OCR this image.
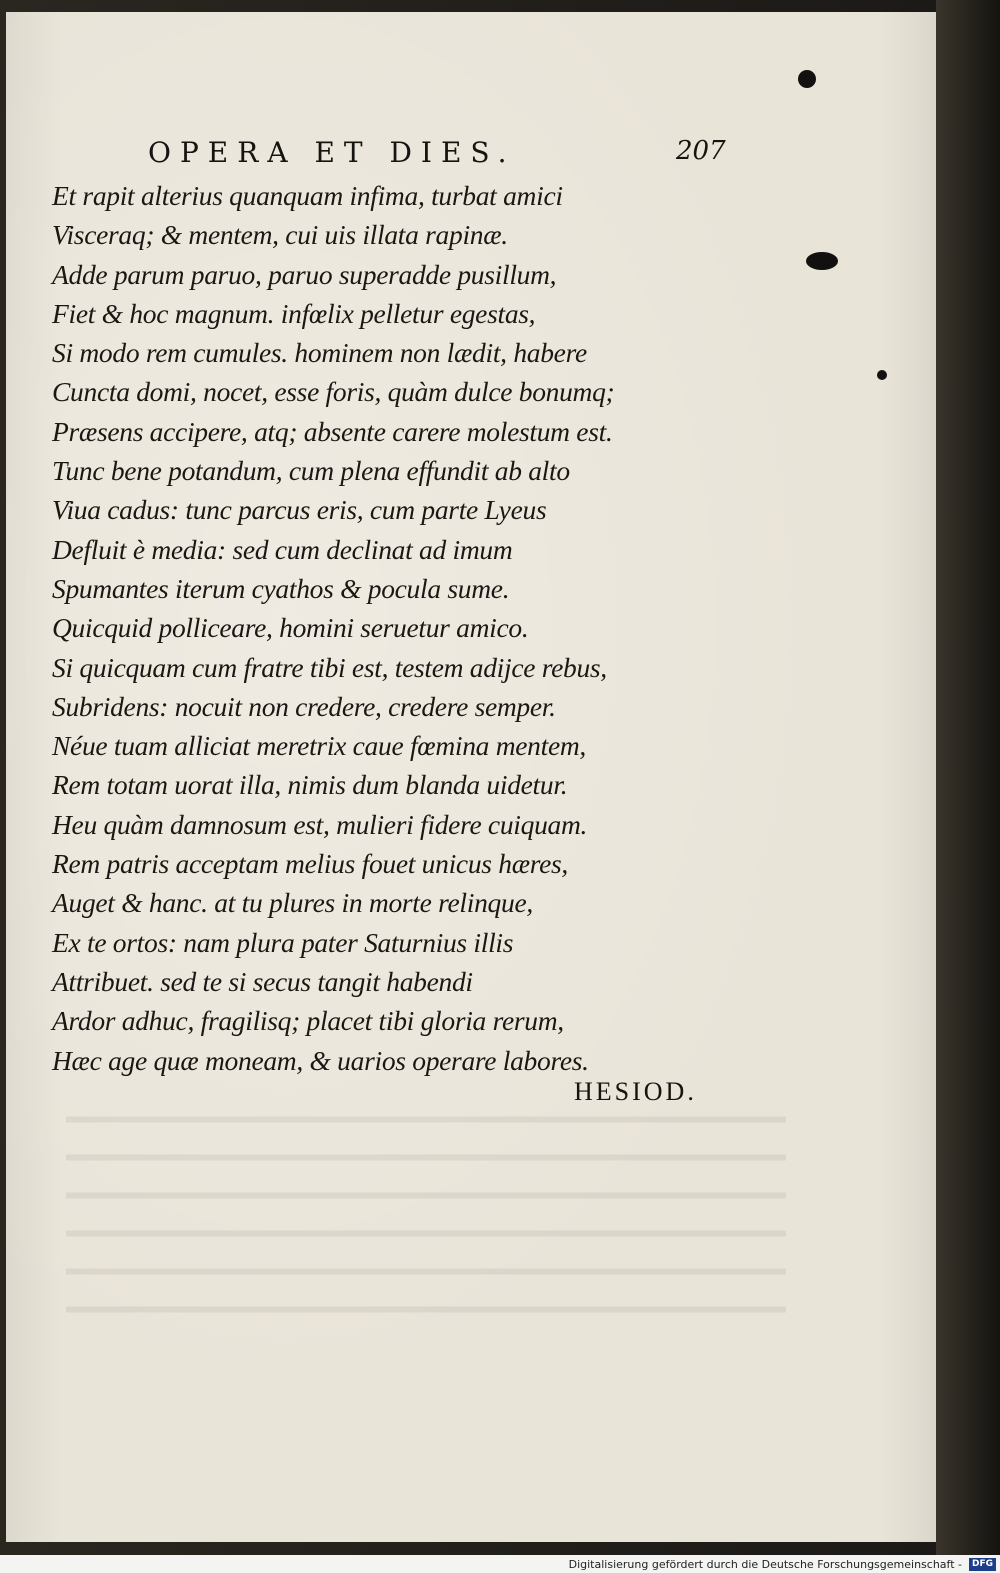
OPERA ET DIES.	207
Et rapit alterius quanquam infima, turbat amici
Visceraq; & mentem, cui uis illata rapinæ.
Adde parum paruo, paruo superadde pusillum,
Fiet & hoc magnum. infœlix pelletur egestas,
Si modo rem cumules. hominem non lædit, habere
Cuncta domi, nocet, esse foris, quàm dulce bonumq;
Præsens accipere, atq; absente carere molestum est.
Tunc bene potandum, cum plena effundit ab alto
Viua cadus: tunc parcus eris, cum parte Lyeus
Defluit è media: sed cum declinat ad imum
Spumantes iterum cyathos & pocula sume.
Quicquid polliceare, homini seruetur amico.
Si quicquam cum fratre tibi est, testem adijce rebus,
Subridens: nocuit non credere, credere semper.
Néue tuam alliciat meretrix caue fœmina mentem,
Rem totam uorat illa, nimis dum blanda uidetur.
Heu quàm damnosum est, mulieri fidere cuiquam.
Rem patris acceptam melius fouet unicus hæres,
Auget & hanc. at tu plures in morte relinque,
Ex te ortos: nam plura pater Saturnius illis
Attribuet. sed te si secus tangit habendi
Ardor adhuc, fragilisq; placet tibi gloria rerum,
Hæc age quæ moneam, & uarios operare labores.
HESIOD.
Digitalisierung gefördert durch die Deutsche Forschungsgemeinschaft -	DFG
